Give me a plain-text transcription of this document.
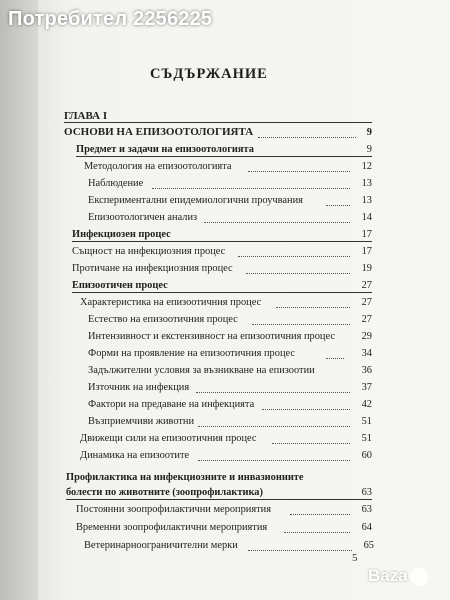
Потребител 2256225
СЪДЪРЖАНИЕ
ГЛАВА I
ОСНОВИ НА ЕПИЗООТОЛОГИЯТА	9
Предмет и задачи на епизоотологията	9
Методология на епизоотологията	12
Наблюдение	13
Експериментални епидемиологични проучвания	13
Епизоотологичен анализ	14
Инфекциозен процес	17
Същност на инфекциозния процес	17
Протичане на инфекциозния процес	19
Епизоотичен процес	27
Характеристика на епизоотичния процес	27
Естество на епизоотичния процес	27
Интензивност и екстензивност на епизоотичния процес	29
Форми на проявление на епизоотичния процес	34
Задължителни условия за възникване на епизоотии	36
Източник на инфекция	37
Фактори на предаване на инфекцията	42
Възприемчиви животни	51
Движещи сили на епизоотичния процес	51
Динамика на епизоотите	60
Профилактика на инфекциозните и инвазионните
болести по животните (зоопрофилактика)	63
Постоянни зоопрофилактични мероприятия	63
Временни зоопрофилактични мероприятия	64
Ветеринарноограничителни мерки	65
5
Baza
